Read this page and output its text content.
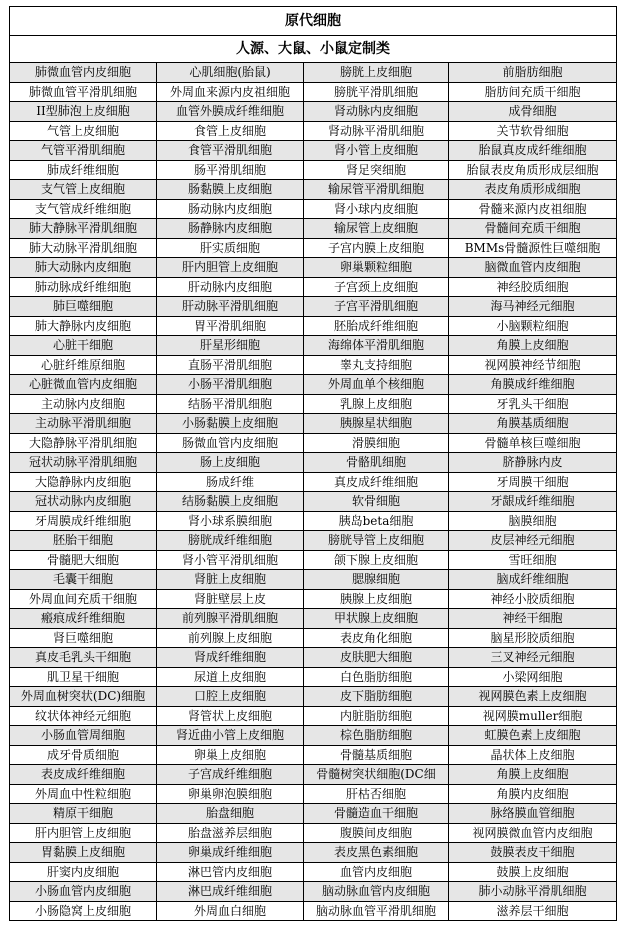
原代细胞			
人源、大鼠、小鼠定制类			
肺微血管内皮细胞	心肌细胞(胎鼠)	膀胱上皮细胞	前脂肪细胞
肺微血管平滑肌细胞	外周血来源内皮祖细胞	膀胱平滑肌细胞	脂肪间充质干细胞
II型肺泡上皮细胞	血管外膜成纤维细胞	肾动脉内皮细胞	成骨细胞
气管上皮细胞	食管上皮细胞	肾动脉平滑肌细胞	关节软骨细胞
气管平滑肌细胞	食管平滑肌细胞	肾小管上皮细胞	胎鼠真皮成纤维细胞
肺成纤维细胞	肠平滑肌细胞	肾足突细胞	胎鼠表皮角质形成层细胞
支气管上皮细胞	肠黏膜上皮细胞	输尿管平滑肌细胞	表皮角质形成细胞
支气管成纤维细胞	肠动脉内皮细胞	肾小球内皮细胞	骨髓来源内皮祖细胞
肺大静脉平滑肌细胞	肠静脉内皮细胞	输尿管上皮细胞	骨髓间充质干细胞
肺大动脉平滑肌细胞	肝实质细胞	子宫内膜上皮细胞	BMMs骨髓源性巨噬细胞
肺大动脉内皮细胞	肝内胆管上皮细胞	卵巢颗粒细胞	脑微血管内皮细胞
肺动脉成纤维细胞	肝动脉内皮细胞	子宫颈上皮细胞	神经胶质细胞
肺巨噬细胞	肝动脉平滑肌细胞	子宫平滑肌细胞	海马神经元细胞
肺大静脉内皮细胞	胃平滑肌细胞	胚胎成纤维细胞	小脑颗粒细胞
心脏干细胞	肝星形细胞	海绵体平滑肌细胞	角膜上皮细胞
心脏纤维原细胞	直肠平滑肌细胞	睾丸支持细胞	视网膜神经节细胞
心脏微血管内皮细胞	小肠平滑肌细胞	外周血单个核细胞	角膜成纤维细胞
主动脉内皮细胞	结肠平滑肌细胞	乳腺上皮细胞	牙乳头干细胞
主动脉平滑肌细胞	小肠黏膜上皮细胞	胰腺星状细胞	角膜基质细胞
大隐静脉平滑肌细胞	肠微血管内皮细胞	滑膜细胞	骨髓单核巨噬细胞
冠状动脉平滑肌细胞	肠上皮细胞	骨骼肌细胞	脐静脉内皮
大隐静脉内皮细胞	肠成纤维	真皮成纤维细胞	牙周膜干细胞
冠状动脉内皮细胞	结肠黏膜上皮细胞	软骨细胞	牙龈成纤维细胞
牙周膜成纤维细胞	肾小球系膜细胞	胰岛beta细胞	脑膜细胞
胚胎干细胞	膀胱成纤维细胞	膀胱导管上皮细胞	皮层神经元细胞
骨髓肥大细胞	肾小管平滑肌细胞	颌下腺上皮细胞	雪旺细胞
毛囊干细胞	肾脏上皮细胞	腮腺细胞	脑成纤维细胞
外周血间充质干细胞	肾脏壁层上皮	胰腺上皮细胞	神经小胶质细胞
瘢痕成纤维细胞	前列腺平滑肌细胞	甲状腺上皮细胞	神经干细胞
肾巨噬细胞	前列腺上皮细胞	表皮角化细胞	脑星形胶质细胞
真皮毛乳头干细胞	肾成纤维细胞	皮肤肥大细胞	三叉神经元细胞
肌卫星干细胞	尿道上皮细胞	白色脂肪细胞	小梁网细胞
外周血树突状(DC)细胞	口腔上皮细胞	皮下脂肪细胞	视网膜色素上皮细胞
纹状体神经元细胞	肾管状上皮细胞	内脏脂肪细胞	视网膜muller细胞
小肠血管周细胞	肾近曲小管上皮细胞	棕色脂肪细胞	虹膜色素上皮细胞
成牙骨质细胞	卵巢上皮细胞	骨髓基质细胞	晶状体上皮细胞
表皮成纤维细胞	子宫成纤维细胞	骨髓树突状细胞(DC细	角膜上皮细胞
外周血中性粒细胞	卵巢卵泡膜细胞	肝枯否细胞	角膜内皮细胞
精原干细胞	胎盘细胞	骨髓造血干细胞	脉络膜血管细胞
肝内胆管上皮细胞	胎盘滋养层细胞	腹膜间皮细胞	视网膜微血管内皮细胞
胃黏膜上皮细胞	卵巢成纤维细胞	表皮黑色素细胞	鼓膜表皮干细胞
肝窦内皮细胞	淋巴管内皮细胞	血管内皮细胞	鼓膜上皮细胞
小肠血管内皮细胞	淋巴成纤维细胞	脑动脉血管内皮细胞	肺小动脉平滑肌细胞
小肠隐窝上皮细胞	外周血白细胞	脑动脉血管平滑肌细胞	滋养层干细胞
